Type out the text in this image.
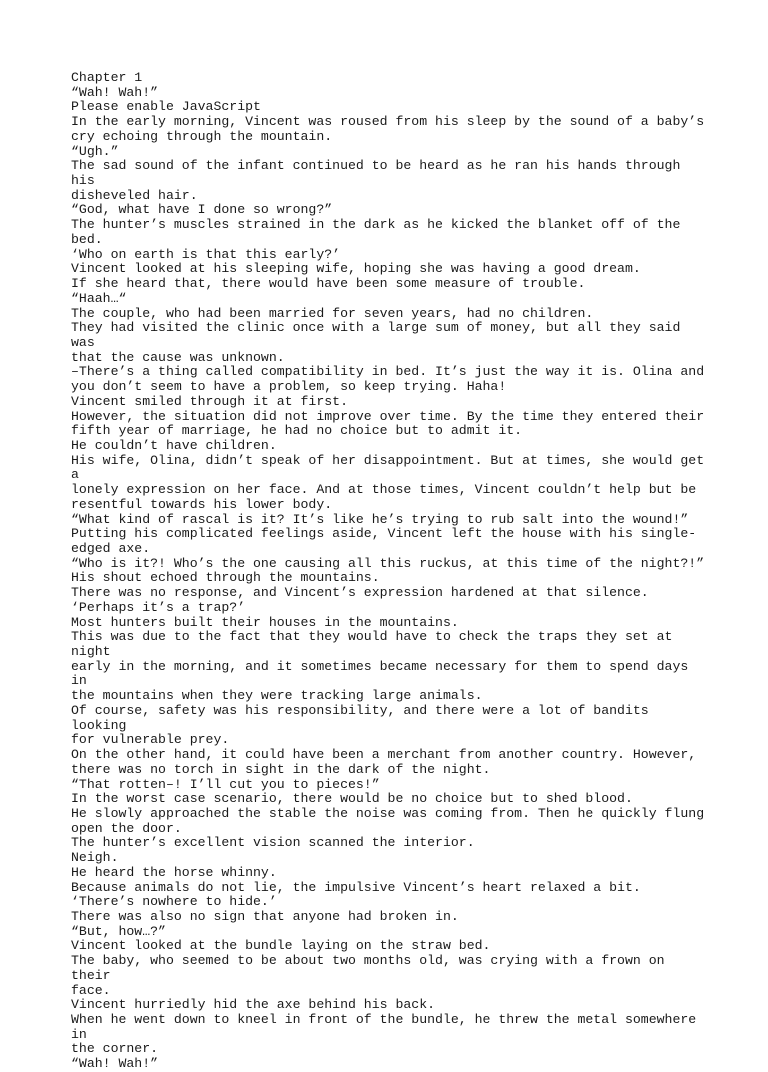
Chapter 1

“Wah! Wah!”

Please enable JavaScript

In the early morning, Vincent was roused from his sleep by the sound of a baby’s
cry echoing through the mountain.

“Ugh.”

The sad sound of the infant continued to be heard as he ran his hands through his
disheveled hair.

“God, what have I done so wrong?”

The hunter’s muscles strained in the dark as he kicked the blanket off of the bed.

‘Who on earth is that this early?’

Vincent looked at his sleeping wife, hoping she was having a good dream.

If she heard that, there would have been some measure of trouble.

“Haah…“

The couple, who had been married for seven years, had no children.

They had visited the clinic once with a large sum of money, but all they said was
that the cause was unknown.

–There’s a thing called compatibility in bed. It’s just the way it is. Olina and
you don’t seem to have a problem, so keep trying. Haha!

Vincent smiled through it at first.

However, the situation did not improve over time. By the time they entered their
fifth year of marriage, he had no choice but to admit it.

He couldn’t have children.

His wife, Olina, didn’t speak of her disappointment. But at times, she would get a
lonely expression on her face. And at those times, Vincent couldn’t help but be
resentful towards his lower body.

“What kind of rascal is it? It’s like he’s trying to rub salt into the wound!”

Putting his complicated feelings aside, Vincent left the house with his single-
edged axe.

“Who is it?! Who’s the one causing all this ruckus, at this time of the night?!”

His shout echoed through the mountains.

There was no response, and Vincent’s expression hardened at that silence.

‘Perhaps it’s a trap?’

Most hunters built their houses in the mountains.

This was due to the fact that they would have to check the traps they set at night
early in the morning, and it sometimes became necessary for them to spend days in
the mountains when they were tracking large animals.

Of course, safety was his responsibility, and there were a lot of bandits looking
for vulnerable prey.

On the other hand, it could have been a merchant from another country. However,
there was no torch in sight in the dark of the night.

“That rotten–! I’ll cut you to pieces!”

In the worst case scenario, there would be no choice but to shed blood.

He slowly approached the stable the noise was coming from. Then he quickly flung
open the door.

The hunter’s excellent vision scanned the interior.

Neigh.

He heard the horse whinny.

Because animals do not lie, the impulsive Vincent’s heart relaxed a bit.

‘There’s nowhere to hide.’

There was also no sign that anyone had broken in.

“But, how…?”

Vincent looked at the bundle laying on the straw bed.

The baby, who seemed to be about two months old, was crying with a frown on their
face.

Vincent hurriedly hid the axe behind his back.

When he went down to kneel in front of the bundle, he threw the metal somewhere in
the corner.

“Wah! Wah!”
